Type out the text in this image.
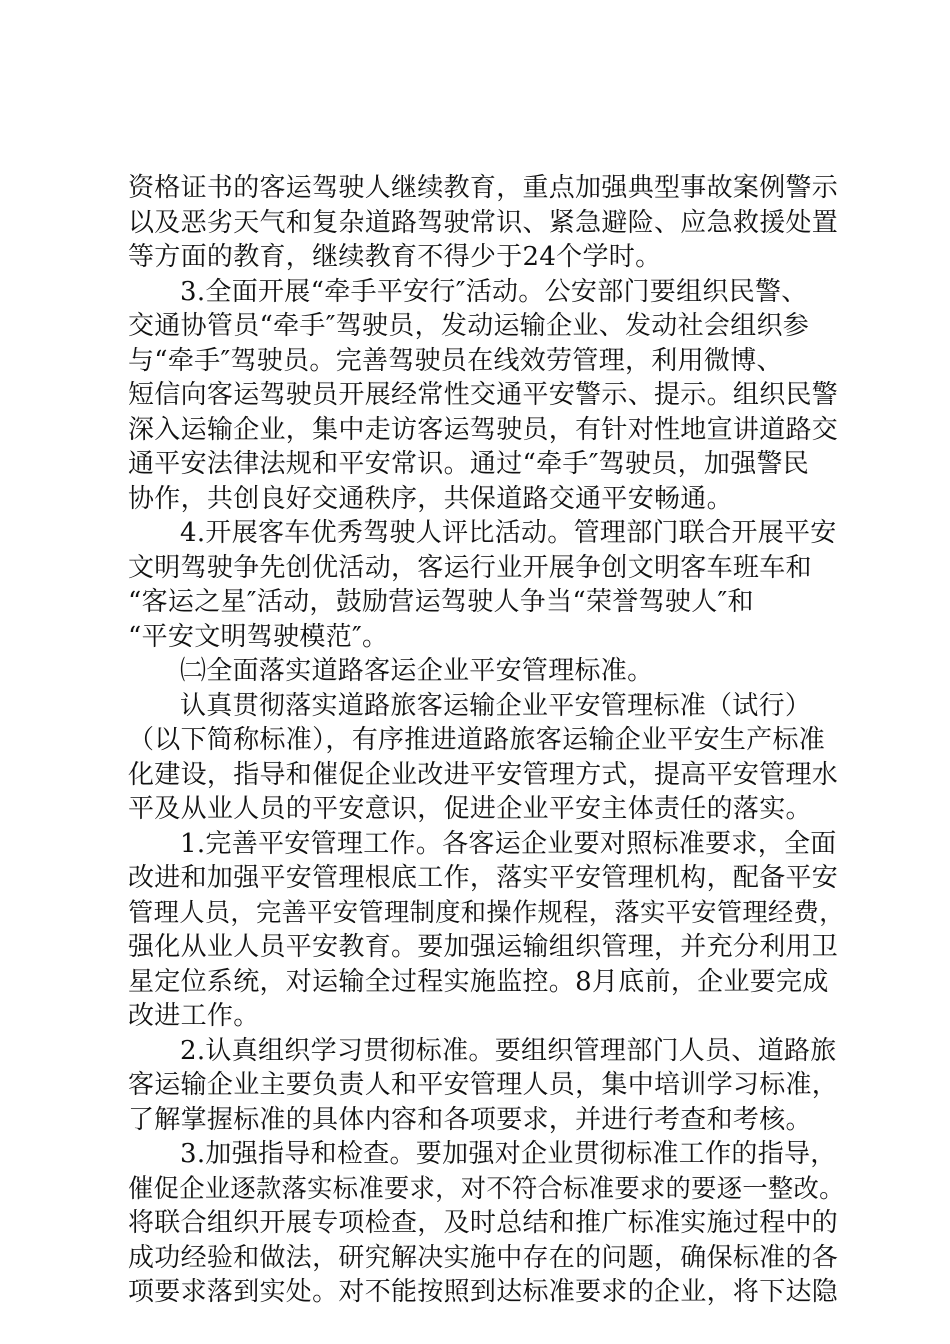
资格证书的客运驾驶人继续教育，重点加强典型事故案例警示
以及恶劣天气和复杂道路驾驶常识、紧急避险、应急救援处置
等方面的教育，继续教育不得少于24个学时。
3.全面开展“牵手平安行″活动。公安部门要组织民警、
交通协管员“牵手″驾驶员，发动运输企业、发动社会组织参
与“牵手″驾驶员。完善驾驶员在线效劳管理，利用微博、
短信向客运驾驶员开展经常性交通平安警示、提示。组织民警
深入运输企业，集中走访客运驾驶员，有针对性地宣讲道路交
通平安法律法规和平安常识。通过“牵手″驾驶员，加强警民
协作，共创良好交通秩序，共保道路交通平安畅通。
4.开展客车优秀驾驶人评比活动。管理部门联合开展平安
文明驾驶争先创优活动，客运行业开展争创文明客车班车和
“客运之星″活动，鼓励营运驾驶人争当“荣誉驾驶人″和
“平安文明驾驶模范″。
㈡全面落实道路客运企业平安管理标准。
认真贯彻落实道路旅客运输企业平安管理标准（试行）
（以下简称标准），有序推进道路旅客运输企业平安生产标准
化建设，指导和催促企业改进平安管理方式，提高平安管理水
平及从业人员的平安意识，促进企业平安主体责任的落实。
1.完善平安管理工作。各客运企业要对照标准要求，全面
改进和加强平安管理根底工作，落实平安管理机构，配备平安
管理人员，完善平安管理制度和操作规程，落实平安管理经费，
强化从业人员平安教育。要加强运输组织管理，并充分利用卫
星定位系统，对运输全过程实施监控。8月底前，企业要完成
改进工作。
2.认真组织学习贯彻标准。要组织管理部门人员、道路旅
客运输企业主要负责人和平安管理人员，集中培训学习标准，
了解掌握标准的具体内容和各项要求，并进行考查和考核。
3.加强指导和检查。要加强对企业贯彻标准工作的指导，
催促企业逐款落实标准要求，对不符合标准要求的要逐一整改。
将联合组织开展专项检查，及时总结和推广标准实施过程中的
成功经验和做法，研究解决实施中存在的问题，确保标准的各
项要求落到实处。对不能按照到达标准要求的企业，将下达隐
